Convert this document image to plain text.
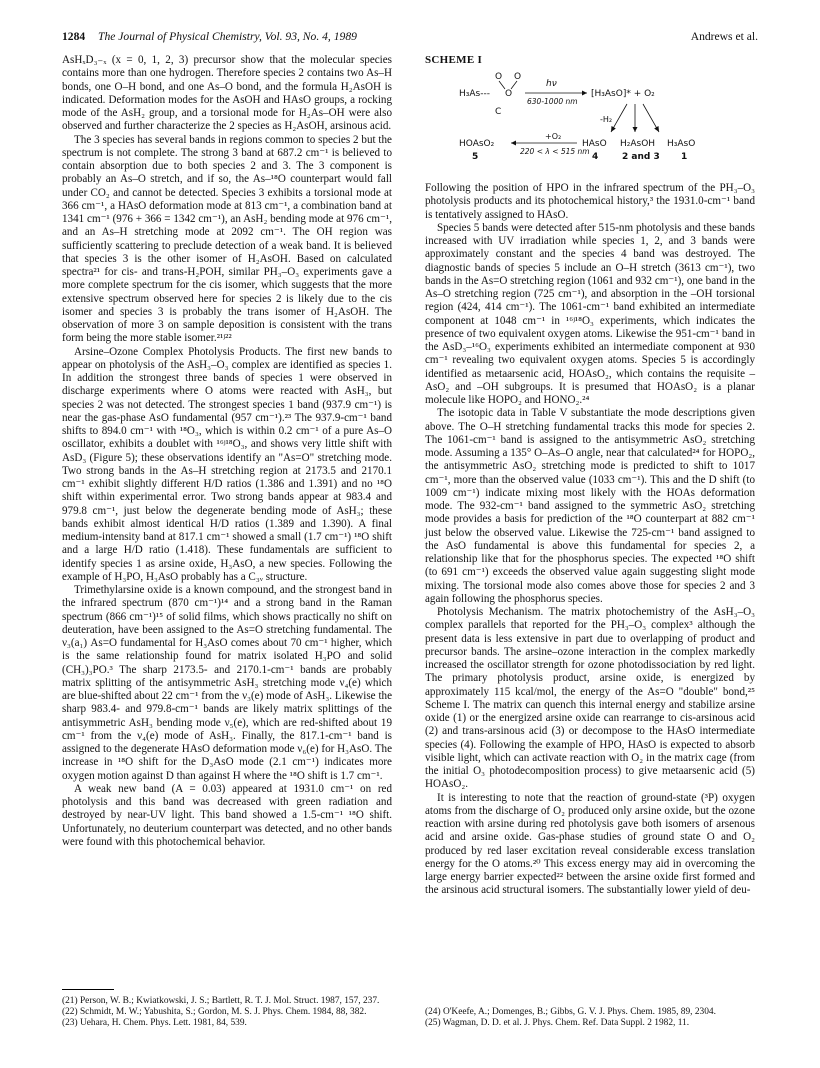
1284 The Journal of Physical Chemistry, Vol. 93, No. 4, 1989	Andrews et al.

AsHₓD₃₋ₓ (x = 0, 1, 2, 3) precursor show that the molecular species contains more than one hydrogen. Therefore species 2 contains two As–H bonds, one O–H bond, and one As–O bond, and the formula H₂AsOH is indicated. Deformation modes for the AsOH and HAsO groups, a rocking mode of the AsH₂ group, and a torsional mode for H₂As–OH were also observed and further characterize the 2 species as H₂AsOH, arsinous acid.

The 3 species has several bands in regions common to species 2 but the spectrum is not complete. The strong 3 band at 687.2 cm⁻¹ is believed to contain absorption due to both species 2 and 3. The 3 component is probably an As–O stretch, and if so, the As–¹⁸O counterpart would fall under CO₂ and cannot be detected. Species 3 exhibits a torsional mode at 366 cm⁻¹, a HAsO deformation mode at 813 cm⁻¹, a combination band at 1341 cm⁻¹ (976 + 366 = 1342 cm⁻¹), an AsH₂ bending mode at 976 cm⁻¹, and an As–H stretching mode at 2092 cm⁻¹. The OH region was sufficiently scattering to preclude detection of a weak band. It is believed that species 3 is the other isomer of H₂AsOH. Based on calculated spectra²¹ for cis- and trans-H₂POH, similar PH₃–O₃ experiments gave a more complete spectrum for the cis isomer, which suggests that the more extensive spectrum observed here for species 2 is likely due to the cis isomer and species 3 is probably the trans isomer of H₂AsOH. The observation of more 3 on sample deposition is consistent with the trans form being the more stable isomer.²¹ʲ²²

Arsine–Ozone Complex Photolysis Products. The first new bands to appear on photolysis of the AsH₃–O₃ complex are identified as species 1. In addition the strongest three bands of species 1 were observed in discharge experiments where O atoms were reacted with AsH₃, but species 2 was not detected. The strongest species 1 band (937.9 cm⁻¹) is near the gas-phase AsO fundamental (957 cm⁻¹).²³ The 937.9-cm⁻¹ band shifts to 894.0 cm⁻¹ with ¹⁸O₃, which is within 0.2 cm⁻¹ of a pure As–O oscillator, exhibits a doublet with ¹⁶ʲ¹⁸O₃, and shows very little shift with AsD₃ (Figure 5); these observations identify an "As=O" stretching mode. Two strong bands in the As–H stretching region at 2173.5 and 2170.1 cm⁻¹ exhibit slightly different H/D ratios (1.386 and 1.391) and no ¹⁸O shift within experimental error. Two strong bands appear at 983.4 and 979.8 cm⁻¹, just below the degenerate bending mode of AsH₃; these bands exhibit almost identical H/D ratios (1.389 and 1.390). A final medium-intensity band at 817.1 cm⁻¹ showed a small (1.7 cm⁻¹) ¹⁸O shift and a large H/D ratio (1.418). These fundamentals are sufficient to identify species 1 as arsine oxide, H₃AsO, a new species. Following the example of H₃PO, H₃AsO probably has a C₃ᵥ structure.

Trimethylarsine oxide is a known compound, and the strongest band in the infrared spectrum (870 cm⁻¹)¹⁴ and a strong band in the Raman spectrum (866 cm⁻¹)¹⁵ of solid films, which shows practically no shift on deuteration, have been assigned to the As=O stretching fundamental. The ν₃(a₁) As=O fundamental for H₃AsO comes about 70 cm⁻¹ higher, which is the same relationship found for matrix isolated H₃PO and solid (CH₃)₃PO.³ The sharp 2173.5- and 2170.1-cm⁻¹ bands are probably matrix splitting of the antisymmetric AsH₃ stretching mode ν₄(e) which are blue-shifted about 22 cm⁻¹ from the ν₃(e) mode of AsH₃. Likewise the sharp 983.4- and 979.8-cm⁻¹ bands are likely matrix splittings of the antisymmetric AsH₃ bending mode ν₅(e), which are red-shifted about 19 cm⁻¹ from the ν₄(e) mode of AsH₃. Finally, the 817.1-cm⁻¹ band is assigned to the degenerate HAsO deformation mode ν₆(e) for H₃AsO. The increase in ¹⁸O shift for the D₃AsO mode (2.1 cm⁻¹) indicates more oxygen motion against D than against H where the ¹⁸O shift is 1.7 cm⁻¹.

A weak new band (A = 0.03) appeared at 1931.0 cm⁻¹ on red photolysis and this band was decreased with green radiation and destroyed by near-UV light. This band showed a 1.5-cm⁻¹ ¹⁸O shift. Unfortunately, no deuterium counterpart was detected, and no other bands were found with this photochemical behavior.

SCHEME I
H₃As---
O O
O
C
hν
630-1000 nm
[H₃AsO]* + O₂
-H₂
HOAsO₂
+O₂
220 < λ < 515 nm
HAsO H₂AsOH H₃AsO
5	4	2 and 3 1

Following the position of HPO in the infrared spectrum of the PH₃–O₃ photolysis products and its photochemical history,³ the 1931.0-cm⁻¹ band is tentatively assigned to HAsO.

Species 5 bands were detected after 515-nm photolysis and these bands increased with UV irradiation while species 1, 2, and 3 bands were approximately constant and the species 4 band was destroyed. The diagnostic bands of species 5 include an O–H stretch (3613 cm⁻¹), two bands in the As=O stretching region (1061 and 932 cm⁻¹), one band in the As–O stretching region (725 cm⁻¹), and absorption in the –OH torsional region (424, 414 cm⁻¹). The 1061-cm⁻¹ band exhibited an intermediate component at 1048 cm⁻¹ in ¹⁶ʲ¹⁸O₃ experiments, which indicates the presence of two equivalent oxygen atoms. Likewise the 951-cm⁻¹ band in the AsD₃–¹⁶O₃ experiments exhibited an intermediate component at 930 cm⁻¹ revealing two equivalent oxygen atoms. Species 5 is accordingly identified as metaarsenic acid, HOAsO₂, which contains the requisite –AsO₂ and –OH subgroups. It is presumed that HOAsO₂ is a planar molecule like HOPO₂ and HONO₂.²⁴

The isotopic data in Table V substantiate the mode descriptions given above. The O–H stretching fundamental tracks this mode for species 2. The 1061-cm⁻¹ band is assigned to the antisymmetric AsO₂ stretching mode. Assuming a 135° O–As–O angle, near that calculated²⁴ for HOPO₂, the antisymmetric AsO₂ stretching mode is predicted to shift to 1017 cm⁻¹, more than the observed value (1033 cm⁻¹). This and the D shift (to 1009 cm⁻¹) indicate mixing most likely with the HOAs deformation mode. The 932-cm⁻¹ band assigned to the symmetric AsO₂ stretching mode provides a basis for prediction of the ¹⁸O counterpart at 882 cm⁻¹ just below the observed value. Likewise the 725-cm⁻¹ band assigned to the AsO fundamental is above this fundamental for species 2, a relationship like that for the phosphorus species. The expected ¹⁸O shift (to 691 cm⁻¹) exceeds the observed value again suggesting slight mode mixing. The torsional mode also comes above those for species 2 and 3 again following the phosphorus species.

Photolysis Mechanism. The matrix photochemistry of the AsH₃–O₃ complex parallels that reported for the PH₃–O₃ complex³ although the present data is less extensive in part due to overlapping of product and precursor bands. The arsine–ozone interaction in the complex markedly increased the oscillator strength for ozone photodissociation by red light. The primary photolysis product, arsine oxide, is energized by approximately 115 kcal/mol, the energy of the As=O "double" bond,²⁵ Scheme I. The matrix can quench this internal energy and stabilize arsine oxide (1) or the energized arsine oxide can rearrange to cis-arsinous acid (2) and trans-arsinous acid (3) or decompose to the HAsO intermediate species (4). Following the example of HPO, HAsO is expected to absorb visible light, which can activate reaction with O₂ in the matrix cage (from the initial O₃ photodecomposition process) to give metaarsenic acid (5) HOAsO₂.

It is interesting to note that the reaction of ground-state (³P) oxygen atoms from the discharge of O₂ produced only arsine oxide, but the ozone reaction with arsine during red photolysis gave both isomers of arsenous acid and arsine oxide. Gas-phase studies of ground state O and O₂ produced by red laser excitation reveal considerable excess translation energy for the O atoms.²⁰ This excess energy may aid in overcoming the large energy barrier expected²² between the arsine oxide first formed and the arsinous acid structural isomers. The substantially lower yield of deu-

(21) Person, W. B.; Kwiatkowski, J. S.; Bartlett, R. T. J. Mol. Struct. 1987, 157, 237.

(22) Schmidt, M. W.; Yabushita, S.; Gordon, M. S. J. Phys. Chem. 1984, 88, 382.

(23) Uehara, H. Chem. Phys. Lett. 1981, 84, 539.

(24) O'Keefe, A.; Domenges, B.; Gibbs, G. V. J. Phys. Chem. 1985, 89, 2304.

(25) Wagman, D. D. et al. J. Phys. Chem. Ref. Data Suppl. 2 1982, 11.
